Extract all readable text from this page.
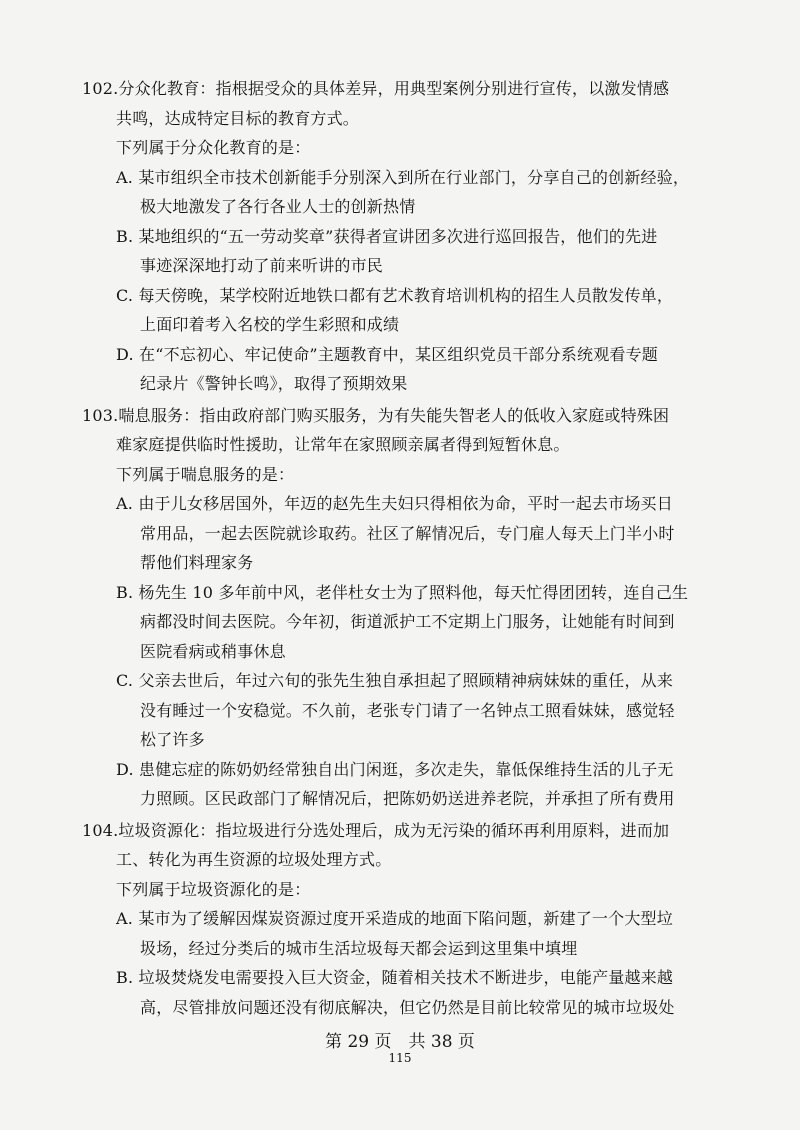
102.分众化教育：指根据受众的具体差异，用典型案例分别进行宣传，以激发情感
共鸣，达成特定目标的教育方式。
下列属于分众化教育的是：
A. 某市组织全市技术创新能手分别深入到所在行业部门，分享自己的创新经验，
极大地激发了各行各业人士的创新热情
B. 某地组织的“五一劳动奖章”获得者宣讲团多次进行巡回报告，他们的先进
事迹深深地打动了前来听讲的市民
C. 每天傍晚，某学校附近地铁口都有艺术教育培训机构的招生人员散发传单，
上面印着考入名校的学生彩照和成绩
D. 在“不忘初心、牢记使命”主题教育中，某区组织党员干部分系统观看专题
纪录片《警钟长鸣》，取得了预期效果
103.喘息服务：指由政府部门购买服务，为有失能失智老人的低收入家庭或特殊困
难家庭提供临时性援助，让常年在家照顾亲属者得到短暂休息。
下列属于喘息服务的是：
A. 由于儿女移居国外，年迈的赵先生夫妇只得相依为命，平时一起去市场买日
常用品，一起去医院就诊取药。社区了解情况后，专门雇人每天上门半小时
帮他们料理家务
B. 杨先生 10 多年前中风，老伴杜女士为了照料他，每天忙得团团转，连自己生
病都没时间去医院。今年初，街道派护工不定期上门服务，让她能有时间到
医院看病或稍事休息
C. 父亲去世后，年过六旬的张先生独自承担起了照顾精神病妹妹的重任，从来
没有睡过一个安稳觉。不久前，老张专门请了一名钟点工照看妹妹，感觉轻
松了许多
D. 患健忘症的陈奶奶经常独自出门闲逛，多次走失，靠低保维持生活的儿子无
力照顾。区民政部门了解情况后，把陈奶奶送进养老院，并承担了所有费用
104.垃圾资源化：指垃圾进行分选处理后，成为无污染的循环再利用原料，进而加
工、转化为再生资源的垃圾处理方式。
下列属于垃圾资源化的是：
A. 某市为了缓解因煤炭资源过度开采造成的地面下陷问题，新建了一个大型垃
圾场，经过分类后的城市生活垃圾每天都会运到这里集中填埋
B. 垃圾焚烧发电需要投入巨大资金，随着相关技术不断进步，电能产量越来越
高，尽管排放问题还没有彻底解决，但它仍然是目前比较常见的城市垃圾处
第 29 页　共 38 页
115
